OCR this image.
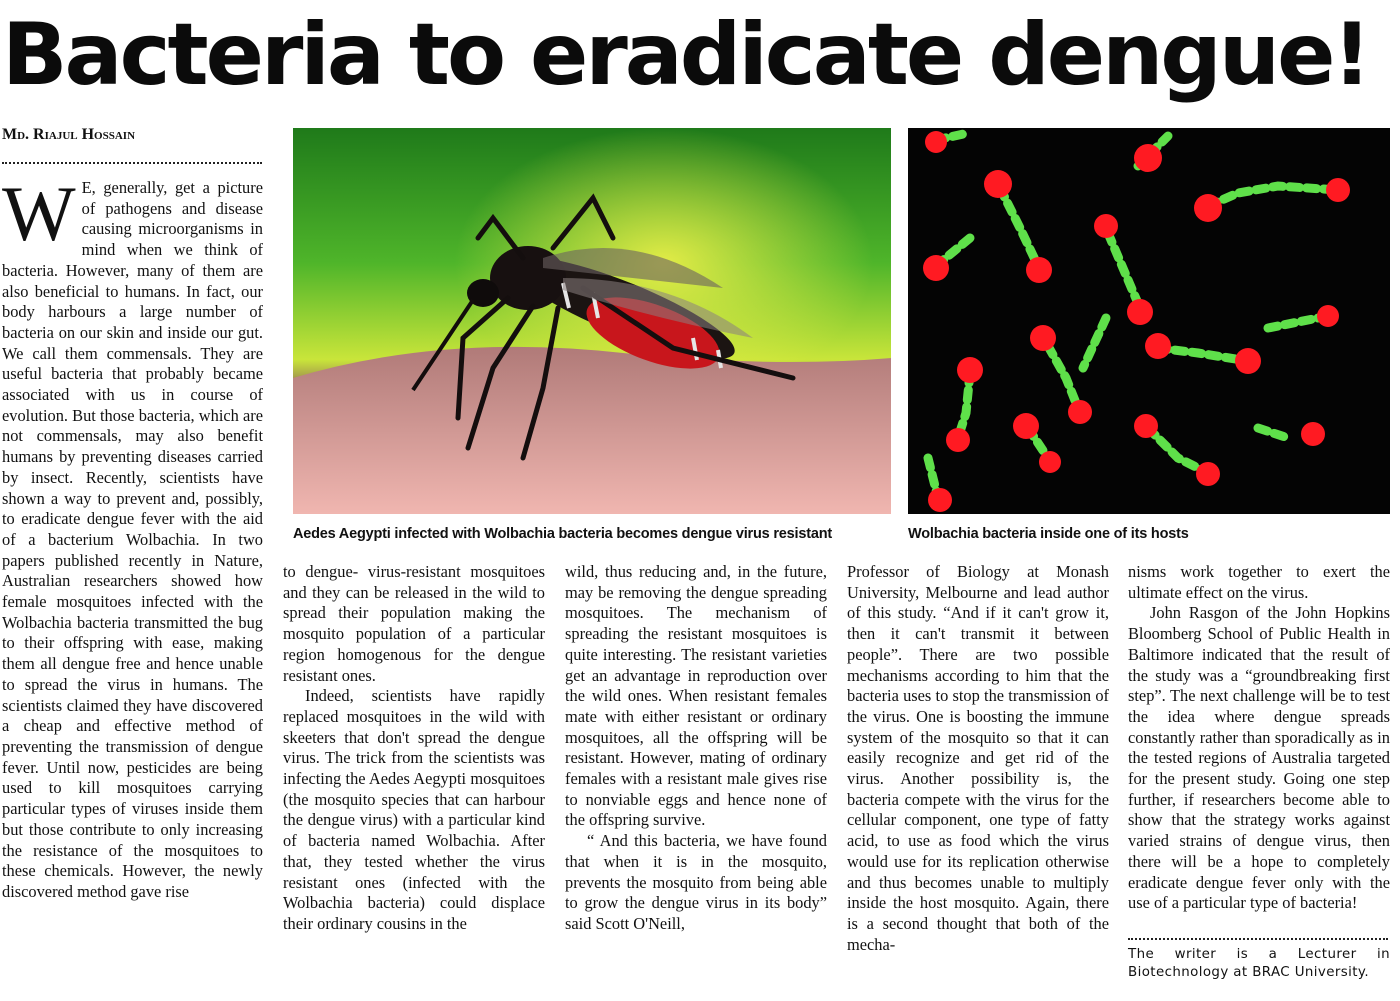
Bacteria to eradicate dengue!
Md. Riajul Hossain
Aedes Aegypti infected with Wolbachia bacteria becomes dengue virus resistant	Wolbachia bacteria inside one of its hosts

W E, generally, get a picture of pathogens and disease causing microorganisms in mind when we think of bacteria. However, many of them are also beneficial to humans. In fact, our body harbours a large number of bacteria on our skin and inside our gut. We call them commensals. They are useful bacteria that probably became associated with us in course of evolution. But those bacteria, which are not commensals, may also benefit humans by preventing diseases carried by insect. Recently, scientists have shown a way to prevent and, possibly, to eradicate dengue fever with the aid of a bacterium Wolbachia. In two papers published recently in Nature, Australian researchers showed how female mosquitoes infected with the Wolbachia bacteria transmitted the bug to their offspring with ease, making them all dengue free and hence unable to spread the virus in humans. The scientists claimed they have discovered a cheap and effective method of preventing the transmission of dengue fever. Until now, pesticides are being used to kill mosquitoes carrying particular types of viruses inside them but those contribute to only increasing the resistance of the mosquitoes to these chemicals. However, the newly discovered method gave rise

to dengue- virus-resistant mosquitoes and they can be released in the wild to spread their population making the mosquito population of a particular region homogenous for the dengue resistant ones.

Indeed, scientists have rapidly replaced mosquitoes in the wild with skeeters that don't spread the dengue virus. The trick from the scientists was infecting the Aedes Aegypti mosquitoes (the mosquito species that can harbour the dengue virus) with a particular kind of bacteria named Wolbachia. After that, they tested whether the virus resistant ones (infected with the Wolbachia bacteria) could displace their ordinary cousins in the

wild, thus reducing and, in the future, may be removing the dengue spreading mosquitoes. The mechanism of spreading the resistant mosquitoes is quite interesting. The resistant varieties get an advantage in reproduction over the wild ones. When resistant females mate with either resistant or ordinary mosquitoes, all the offspring will be resistant. However, mating of ordinary females with a resistant male gives rise to nonviable eggs and hence none of the offspring survive.

“ And this bacteria, we have found that when it is in the mosquito, prevents the mosquito from being able to grow the dengue virus in its body” said Scott O'Neill,

Professor of Biology at Monash University, Melbourne and lead author of this study. “And if it can't grow it, then it can't transmit it between people”. There are two possible mechanisms according to him that the bacteria uses to stop the transmission of the virus. One is boosting the immune system of the mosquito so that it can easily recognize and get rid of the virus. Another possibility is, the bacteria compete with the virus for the cellular component, one type of fatty acid, to use as food which the virus would use for its replication otherwise and thus becomes unable to multiply inside the host mosquito. Again, there is a second thought that both of the mecha-

nisms work together to exert the ultimate effect on the virus.

John Rasgon of the John Hopkins Bloomberg School of Public Health in Baltimore indicated that the result of the study was a “groundbreaking first step”. The next challenge will be to test the idea where dengue spreads constantly rather than sporadically as in the tested regions of Australia targeted for the present study. Going one step further, if researchers become able to show that the strategy works against varied strains of dengue virus, then there will be a hope to completely eradicate dengue fever only with the use of a particular type of bacteria!

The writer is a Lecturer in Biotechnology at BRAC University.
